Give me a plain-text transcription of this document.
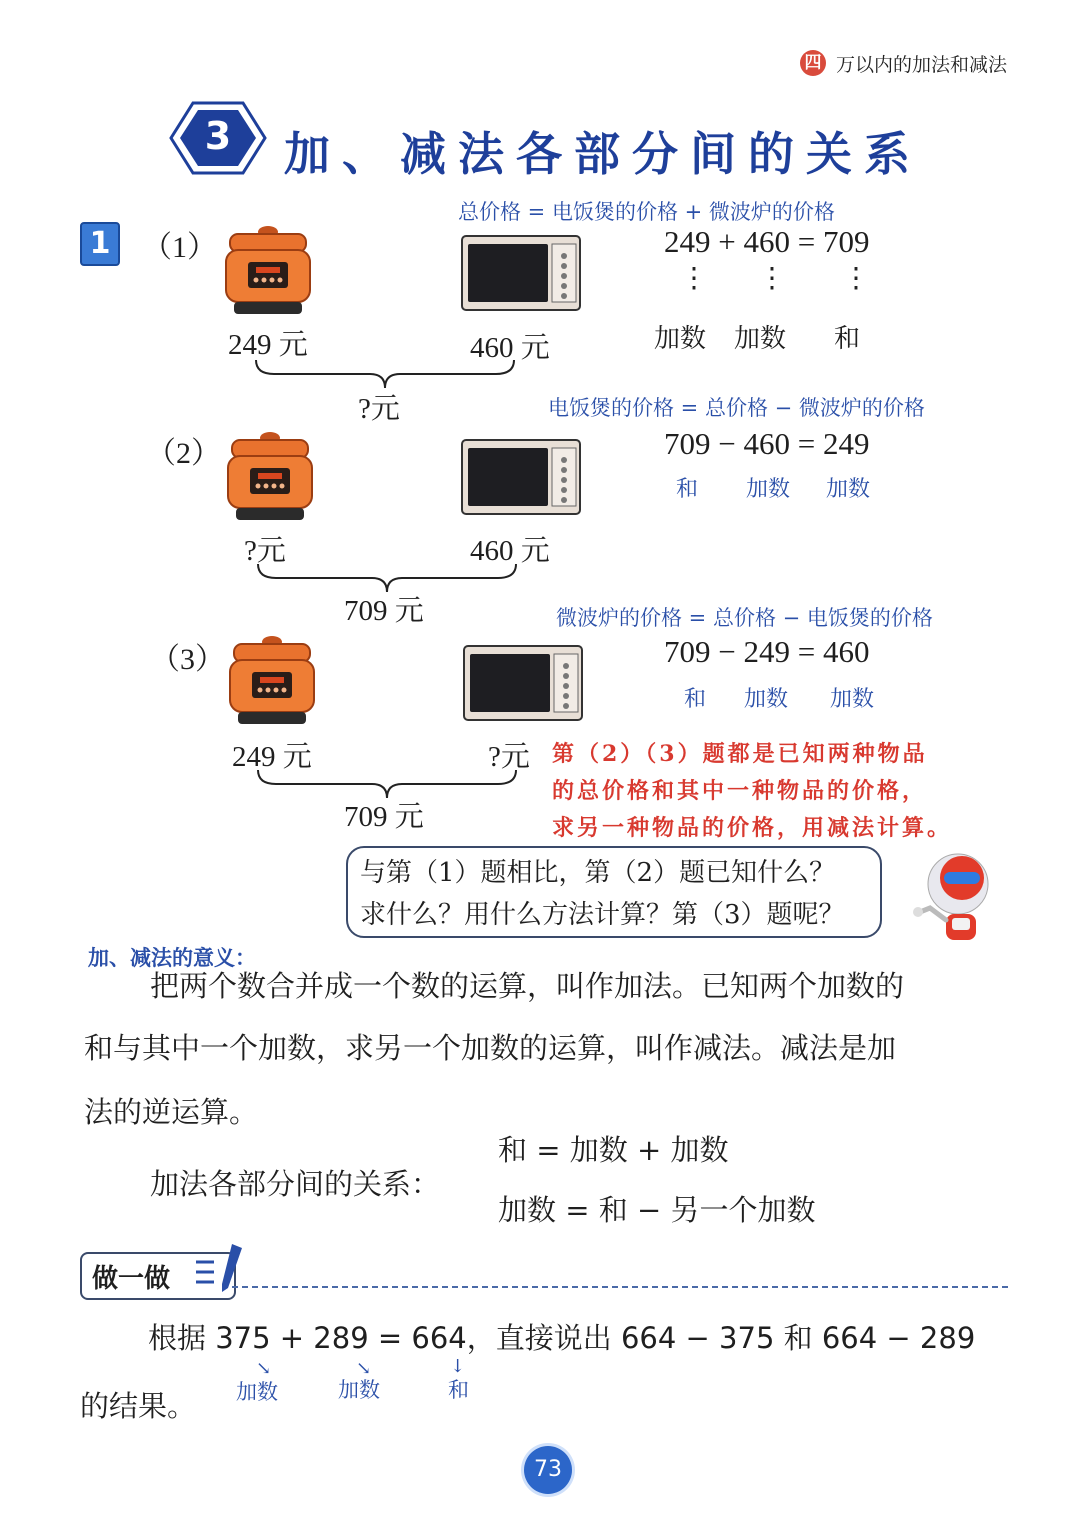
四 万以内的加法和减法
3	加、减法各部分间的关系
1	（1）
249 元	460 元
?元
总价格 = 电饭煲的价格 + 微波炉的价格
249 + 460 = 709
⋮ ⋮ ⋮
加数 加数 和
电饭煲的价格 = 总价格 − 微波炉的价格
（2）
?元	460 元
709 元
709 − 460 = 249
和 加数 加数
微波炉的价格 = 总价格 − 电饭煲的价格
（3）
249 元	?元
709 元
709 − 249 = 460
和 加数 加数
第（2）（3）题都是已知两种物品
的总价格和其中一种物品的价格，
求另一种物品的价格，用减法计算。
与第（1）题相比，第（2）题已知什么？
求什么？用什么方法计算？第（3）题呢？
加、减法的意义：
把两个数合并成一个数的运算，叫作加法。已知两个加数的
和与其中一个加数，求另一个加数的运算，叫作减法。减法是加
法的逆运算。
加法各部分间的关系：
和 = 加数 + 加数
加数 = 和 − 另一个加数
做一做
根据 375 + 289 = 664，直接说出 664 − 375 和 664 − 289
的结果。
↘
加数
↘
加数
↓
和
73
